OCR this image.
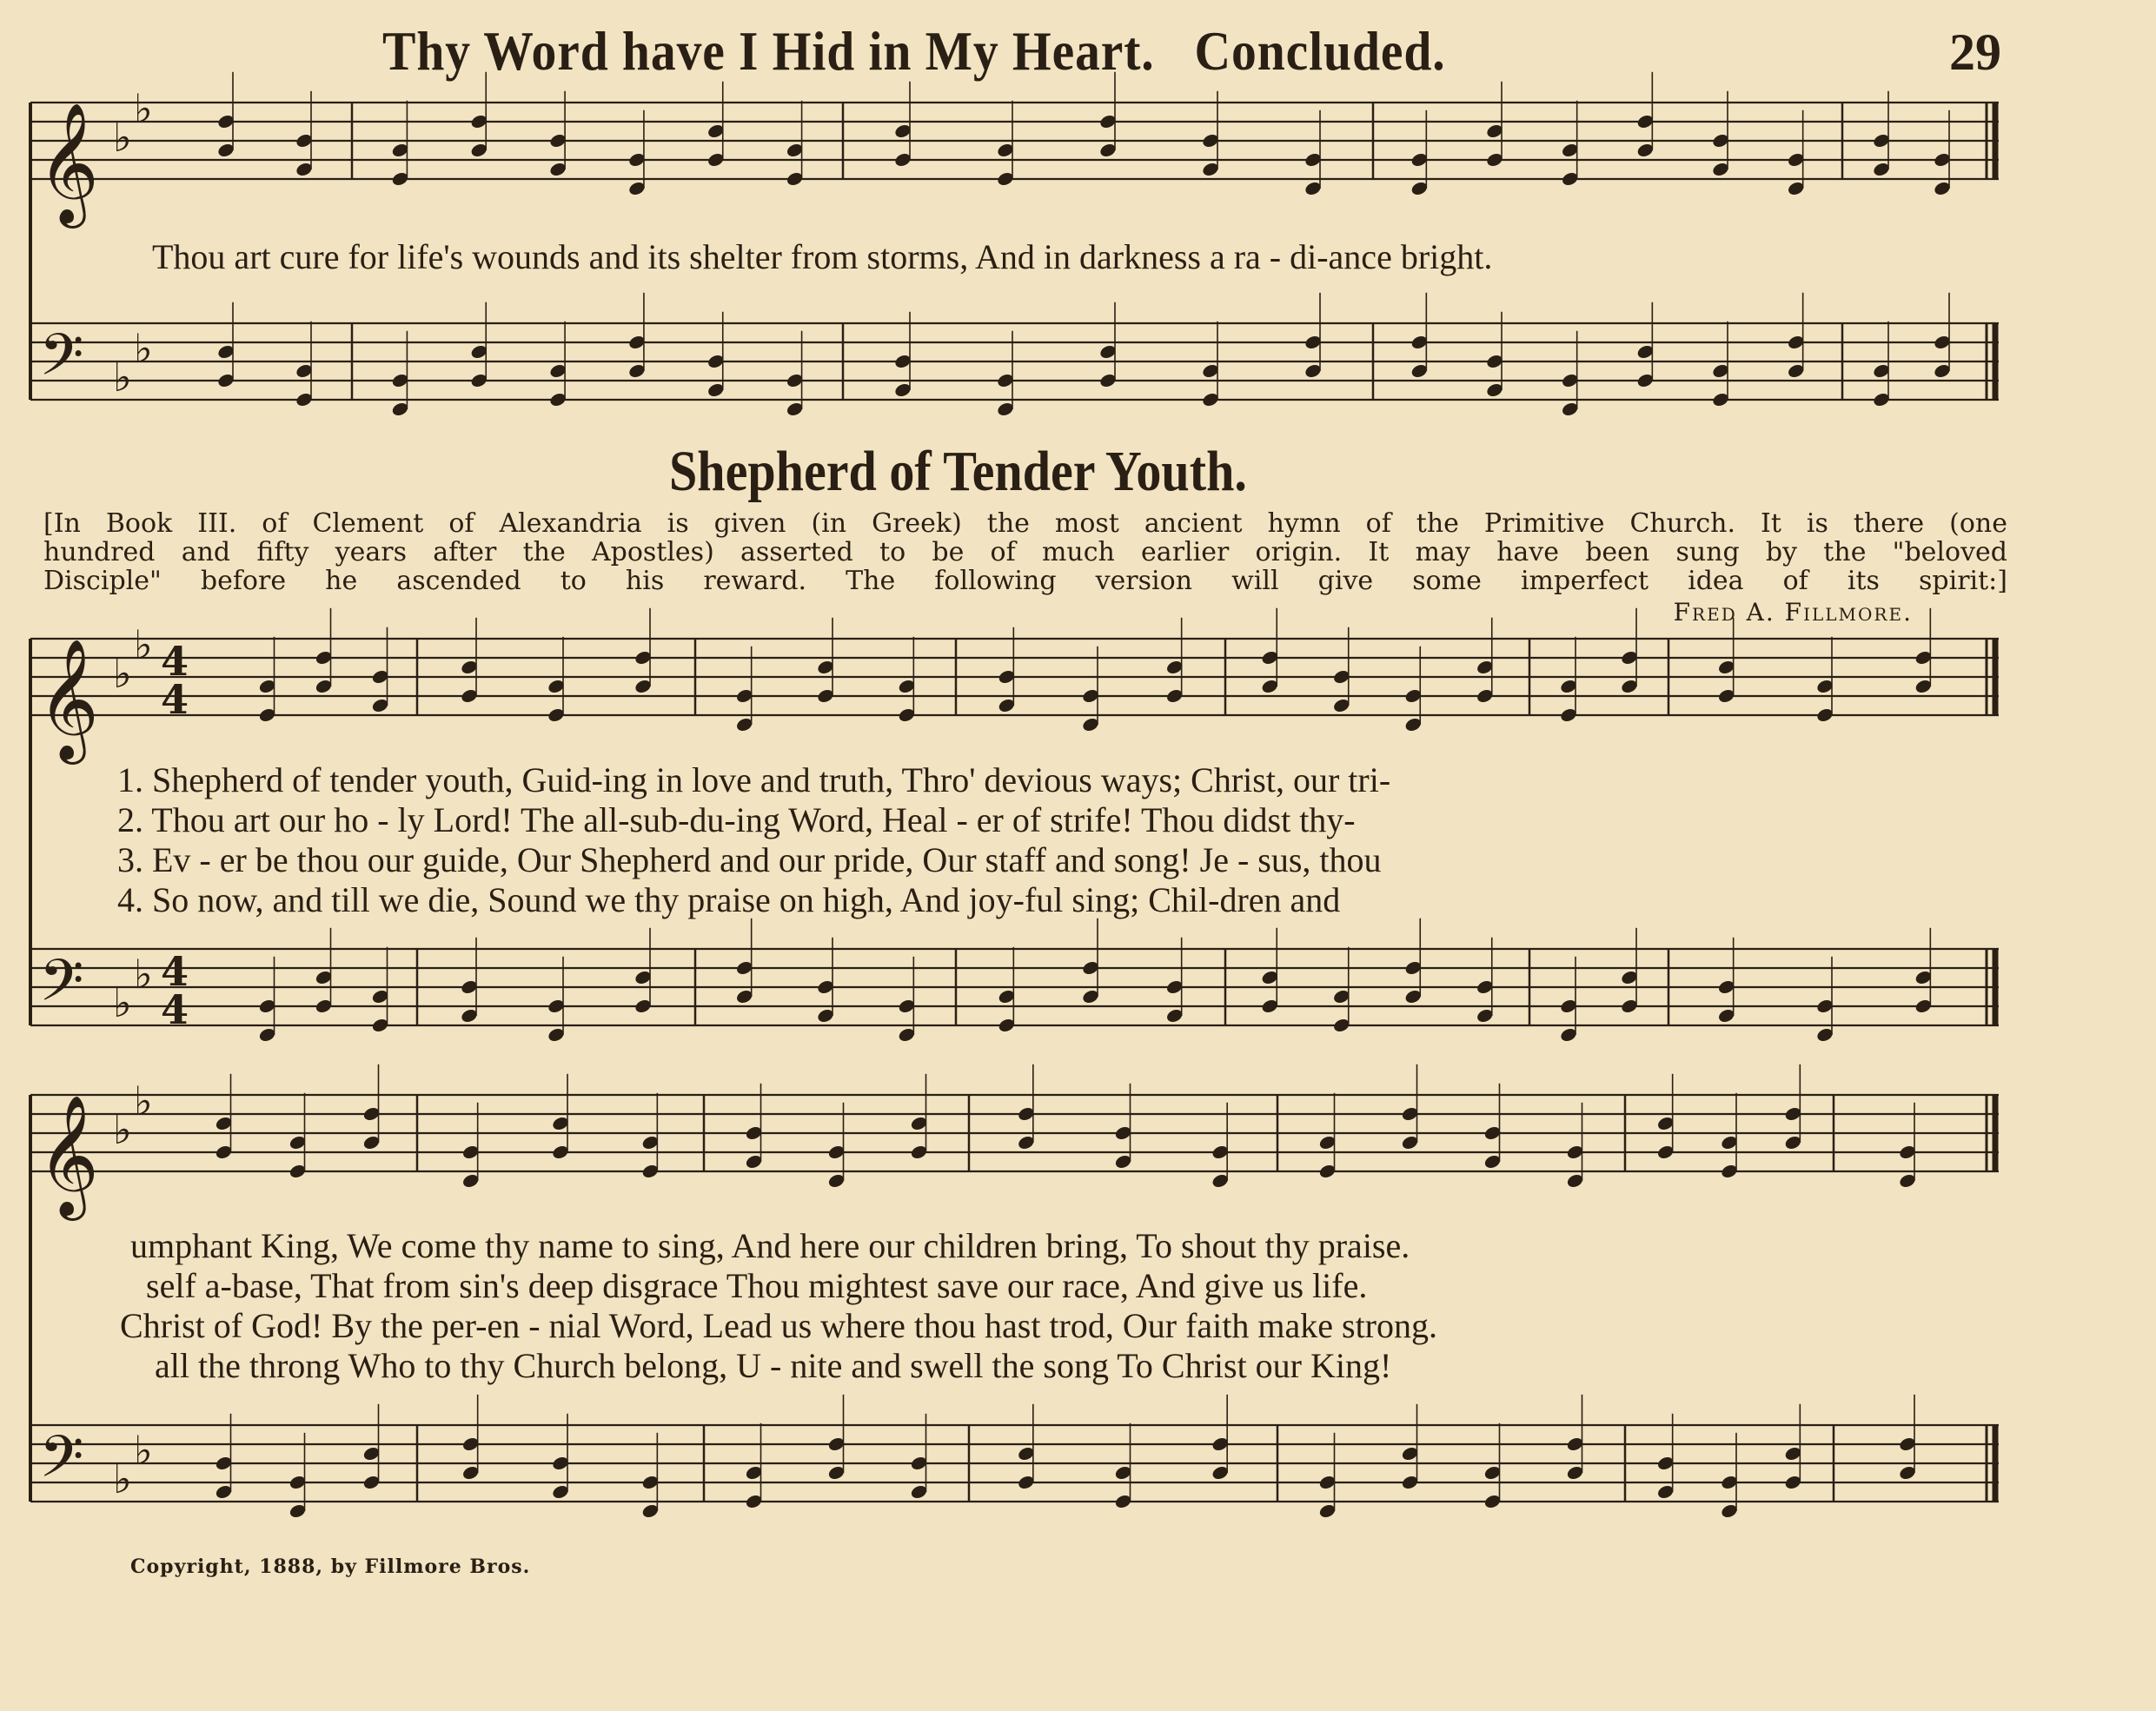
Thy Word have I Hid in My Heart. Concluded.	29
𝄞
𝄢
♭
♭
♭
♭
𝄞
𝄢
♭
♭
♭
♭
4
4
4
4
𝄞
𝄢
♭
♭
♭
♭
Thou art cure for life's wounds and its shelter from storms, And in darkness a ra - di-ance bright.
Shepherd of Tender Youth.
[In Book III. of Clement of Alexandria is given (in Greek) the most ancient hymn of the Primitive Church. It is there (one
hundred and fifty years after the Apostles) asserted to be of much earlier origin. It may have been sung by the "beloved
Disciple" before he ascended to his reward. The following version will give some imperfect idea of its spirit:]
Fred A. Fillmore.
1. Shepherd of tender youth, Guid-ing in love and truth, Thro' devious ways; Christ, our tri-
2. Thou art our ho - ly Lord! The all-sub-du-ing Word, Heal - er of strife! Thou didst thy-
3. Ev - er be thou our guide, Our Shepherd and our pride, Our staff and song! Je - sus, thou
4. So now, and till we die, Sound we thy praise on high, And joy-ful sing; Chil-dren and
umphant King, We come thy name to sing, And here our children bring, To shout thy praise.
self a-base, That from sin's deep disgrace Thou mightest save our race, And give us life.
Christ of God! By the per-en - nial Word, Lead us where thou hast trod, Our faith make strong.
all the throng Who to thy Church belong, U - nite and swell the song To Christ our King!
Copyright, 1888, by Fillmore Bros.
